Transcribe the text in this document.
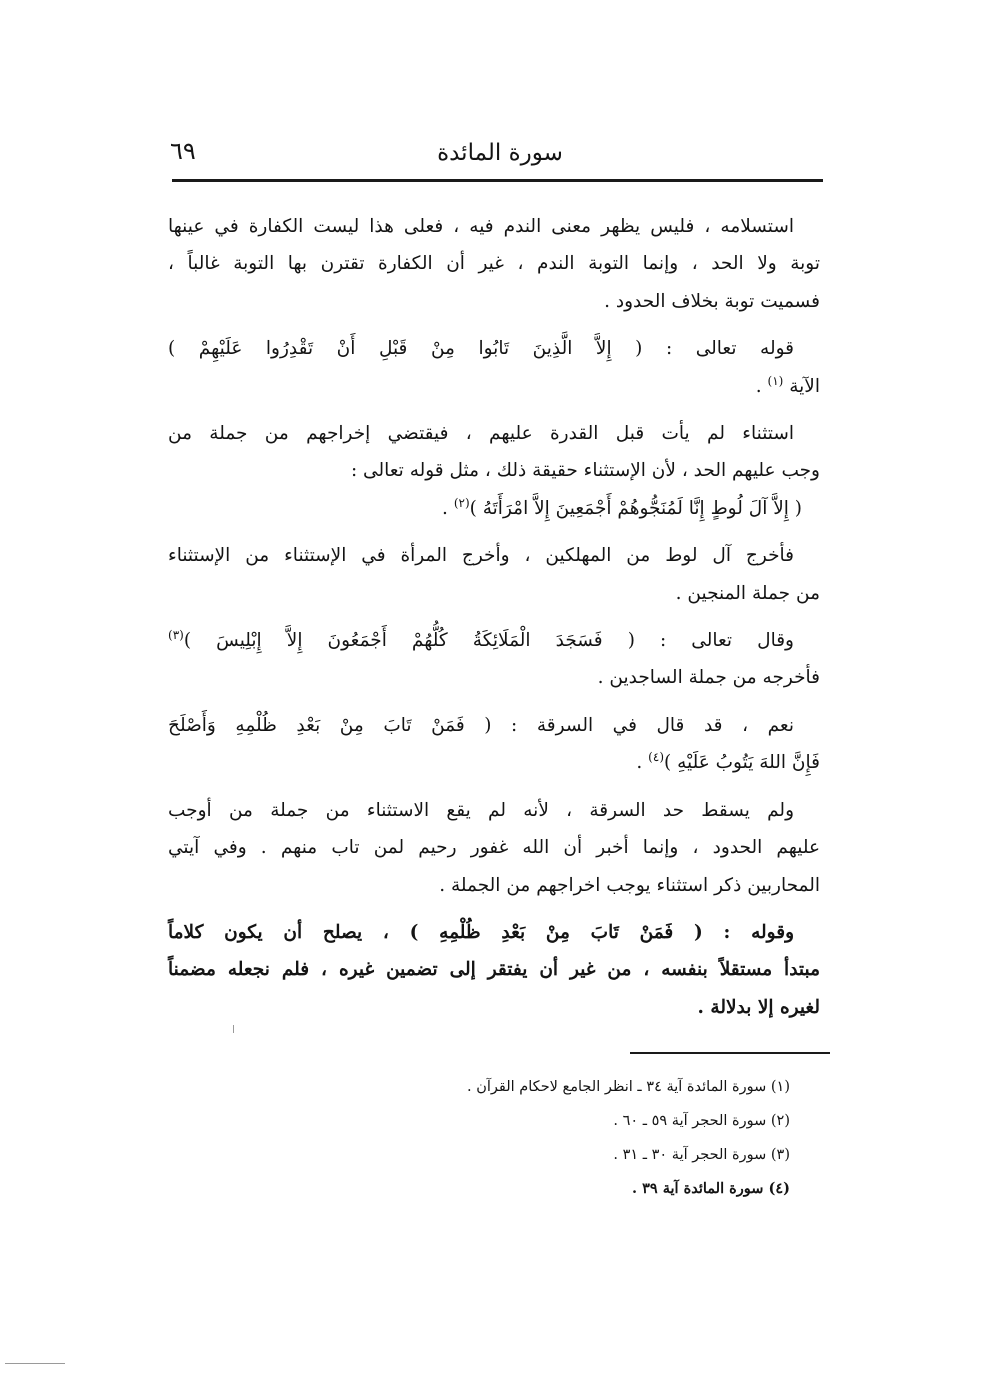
سورة المائدة
٦٩

استسلامه ، فليس يظهر معنى الندم فيه ، فعلى هذا ليست الكفارة في عينها
توبة ولا الحد ، وإنما التوبة الندم ، غير أن الكفارة تقترن بها التوبة غالباً ،
فسميت توبة بخلاف الحدود .

قوله تعالى : ( إِلاَّ الَّذِينَ تَابُوا مِنْ قَبْلِ أَنْ تَقْدِرُوا عَلَيْهِمْ )
الآية $^{(١)}$ .

استثناء لم يأت قبل القدرة عليهم ، فيقتضي إخراجهم من جملة من
وجب عليهم الحد ، لأن الإستثناء حقيقة ذلك ، مثل قوله تعالى :

( إِلاَّ آلَ لُوطٍ إِنَّا لَمُنَجُّوهُمْ أَجْمَعِينَ إِلاَّ امْرَأَتَهُ )$^{(٢)}$ .

فأخرج آل لوط من المهلكين ، وأخرج المرأة في الإستثناء من الإستثناء
من جملة المنجين .

وقال تعالى : ( فَسَجَدَ الْمَلَائِكَةُ كُلُّهُمْ أَجْمَعُونَ إِلاَّ إِبْلِيسَ )$^{(٣)}$
فأخرجه من جملة الساجدين .

نعم ، قد قال في السرقة : ( فَمَنْ تَابَ مِنْ بَعْدِ ظُلْمِهِ وَأَصْلَحَ
فَإِنَّ اللهَ يَتُوبُ عَلَيْهِ )$^{(٤)}$ .

ولم يسقط حد السرقة ، لأنه لم يقع الاستثناء من جملة من أوجب
عليهم الحدود ، وإنما أخبر أن الله غفور رحيم لمن تاب منهم . وفي آيتي
المحاربين ذكر استثناء يوجب اخراجهم من الجملة .

وقوله : ( فَمَنْ تَابَ مِنْ بَعْدِ ظُلْمِهِ ) ، يصلح أن يكون كلاماً
مبتدأ مستقلاً بنفسه ، من غير أن يفتقر إلى تضمين غيره ، فلم نجعله مضمناً
لغيره إلا بدلالة .

(١) سورة المائدة آية ٣٤ ـ انظر الجامع لاحكام القرآن .
(٢) سورة الحجر آية ٥٩ ـ ٦٠ .
(٣) سورة الحجر آية ٣٠ ـ ٣١ .
(٤) سورة المائدة آية ٣٩ .
